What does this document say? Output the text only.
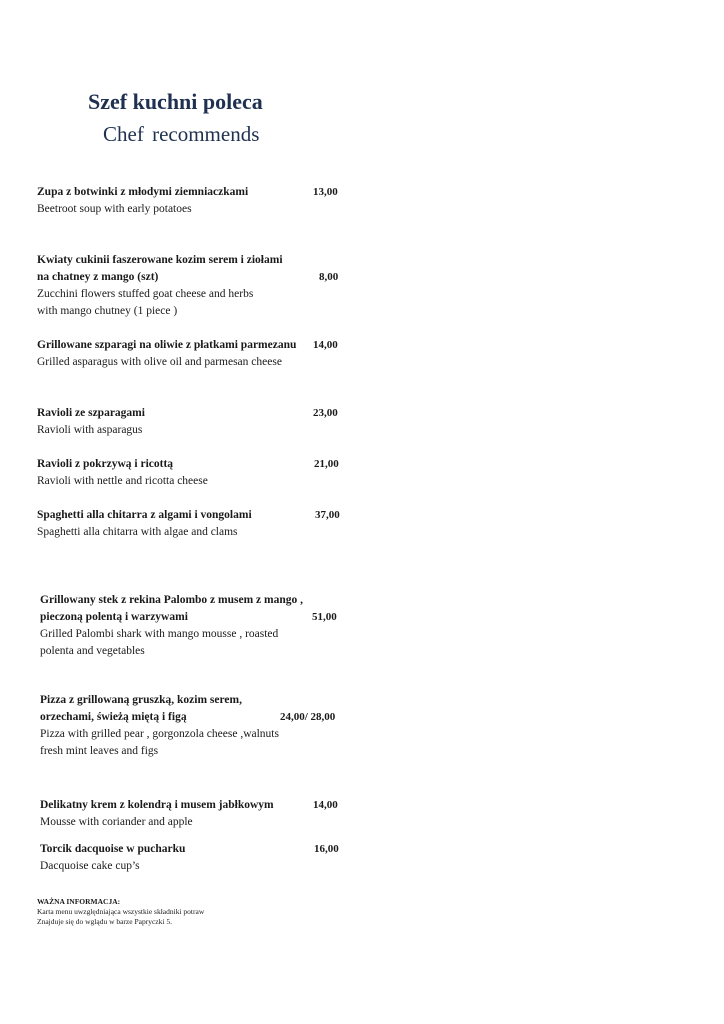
Szef kuchni poleca
Chef recommends
Zupa z botwinki z młodymi ziemniaczkami	13,00
Beetroot soup with early potatoes
Kwiaty cukinii faszerowane kozim serem i ziołami
na chatney z mango (szt)	8,00
Zucchini flowers stuffed goat cheese and herbs
with mango chutney (1 piece )
Grillowane szparagi na oliwie z płatkami parmezanu 14,00
Grilled asparagus with olive oil and parmesan cheese
Ravioli ze szparagami	23,00
Ravioli with asparagus
Ravioli z pokrzywą i ricottą	21,00
Ravioli with nettle and ricotta cheese
Spaghetti alla chitarra z algami i vongolami	37,00
Spaghetti alla chitarra with algae and clams
Grillowany stek z rekina Palombo z musem z mango ,
pieczoną polentą i warzywami	51,00
Grilled Palombi shark with mango mousse , roasted
polenta and vegetables
Pizza z grillowaną gruszką, kozim serem,
orzechami, świeżą miętą i figą	24,00/ 28,00
Pizza with grilled pear , gorgonzola cheese ,walnuts
fresh mint leaves and figs
Delikatny krem z kolendrą i musem jabłkowym	14,00
Mousse with coriander and apple
Torcik dacquoise w pucharku	16,00
Dacquoise cake cup’s
WAŻNA INFORMACJA:
Karta menu uwzględniająca wszystkie składniki potraw
Znajduje się do wglądu w barze Papryczki 5.
